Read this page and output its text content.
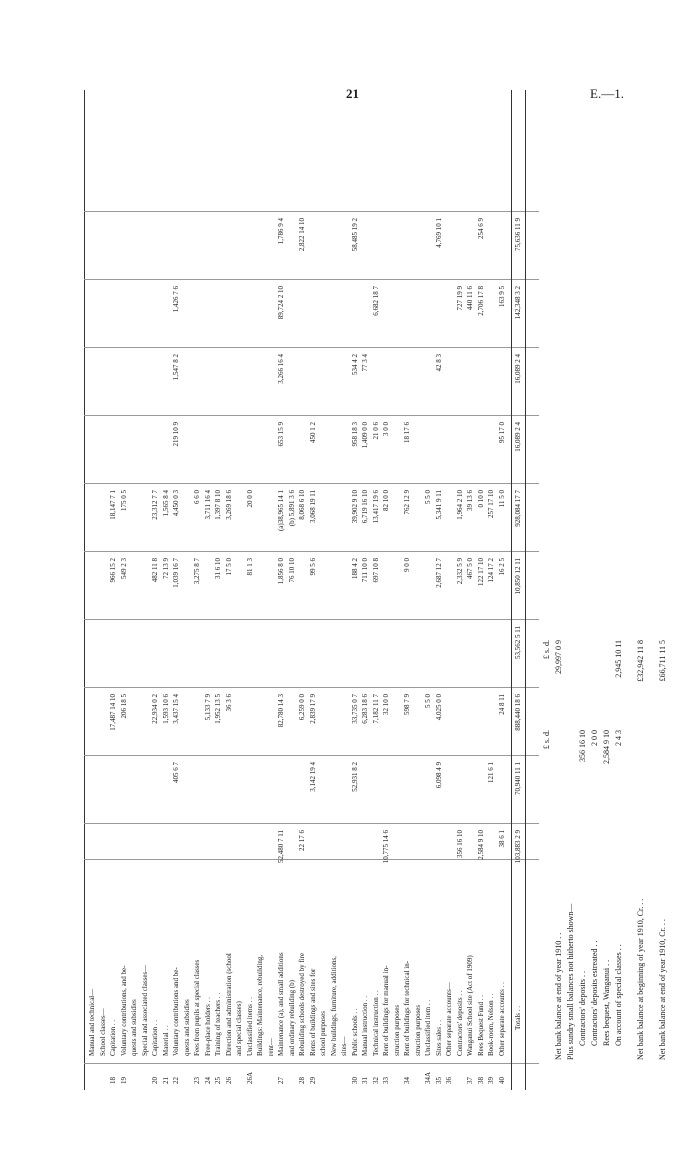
21	E.—1.
Manual and technical— School classes—
18
Capitation . .
17,487 14 10
966 15 2
18,147 7 1
19
Voluntary contributions, and be-
206 18 5
549 2 3
175 0 5
quests and subsidies Special and associated classes—
20
Capitation . .
22,934 0 2
482 11 8
23,312 7 7
21
Material . .
1,593 10 6
72 13 9
1,565 8 4
22
Voluntary contributions and be-
405 6 7
3,437 15 4
1,039 16 7
4,450 0 3
219 10 9
1,547 8 2
1,426 7 6
quests and subsidies
23
Fees from pupils at special classes
3,275 8 7
6 6 0
24
Free-place holders . .
5,133 7 9
3,711 16 4
25
Training of teachers . .
1,952 13 5
31 6 10
1,397 8 10
26
Direction and administration (school
36 3 6
17 5 0
3,269 18 6
and special classes)
26A
Unclassified items . .
81 1 3
20 0 0
Buildings: Maintenance, rebuilding, rent—
27
Maintenance (a), and small additions
52,480 7 11
82,780 14 3
1,856 8 0
(a)38,965 14 1
653 15 9
3,266 16 4
89,724 2 10
1,786 9 4
and ordinary rebuilding (b)
76 10 10
(b) 5,891 3 6
28
Rebuilding schools destroyed by fire
22 17 6
6,259 0 0
8,068 6 10
2,822 14 10
29
Rents of buildings and sites for
3,142 19 4
2,839 17 9
99 5 6
3,068 19 11
450 1 2
school purposes New buildings, furniture, additions, sites—
30
Public schools . .
52,931 8 2
33,735 0 7
188 4 2
39,902 9 10
958 18 3
534 4 2
58,485 19 2
31
Manual instruction . .
6,283 18 6
711 10 0
6,719 16 10
1,409 0 0
77 3 4
32
Technical instruction . .
7,182 11 7
697 10 8
13,417 19 6
21 0 6
6,682 18 7
33
Rent of buildings for manual in-
10,775 14 6
32 10 0
82 10 0
3 0 0
struction purposes
34
Rent of buildings for technical in-
598 7 9
9 0 0
762 12 9
18 17 6
struction purposes
34A
Unclassified item . .
5 5 0
5 5 0
35
Sites sales . .
6,098 4 9
4,025 0 0
2,687 12 7
5,341 9 11
42 8 3
4,769 10 1
36
Other separate accounts— Contractors' deposits . .
356 16 10
2,332 5 9
1,964 2 10
727 19 9
37
Wanganui School site (Act of 1909)
467 5 0
39 13 6
440 11 6
38
Rees Bequest Fund . .
2,584 9 10
122 17 10
0 10 0
2,706 17 8
254 6 9
39
Book-room, Nelson . .
121 6 1
124 17 2
257 17 10
40
Other separate accounts . .
38 6 1
24 8 11
16 2 5
11 5 0
95 17 0
163 9 5
Totals . .
103,883 2 9
70,940 11 1
888,440 18 6
53,562 5 11
10,850 12 11
928,084 17 7
16,089 2 4
16,089 2 4
142,348 3 2
75,636 11 9
£ s. d.
£ s. d.
Net bank balance at end of year 1910 . .
29,997 0 9
Plus sundry small balances not hitherto shown— Contractors' deposits . .
356 16 10
Contractors' deposits estreated . .
2 0 0
Rees bequest, Wanganui . .
2,584 9 10
On account of special classes . .
2 4 3
2,945 10 11
Net bank balance at beginning of year 1910, Cr. . .
£32,942 11 8
Net bank balance at end of year 1910, Cr. . .
£66,711 11 5
